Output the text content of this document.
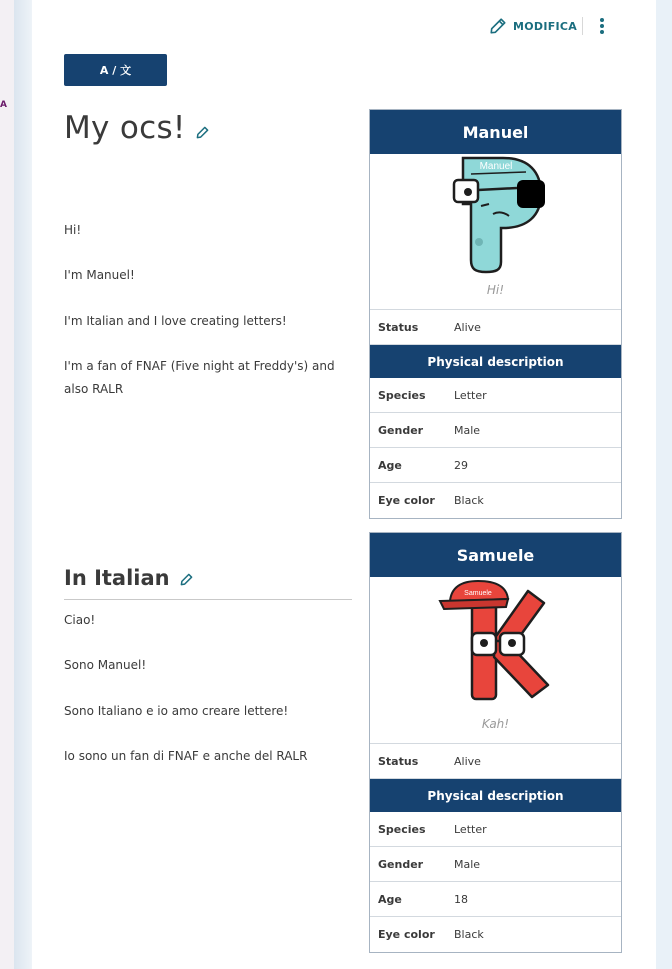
A
MODIFICA
A / 文
My ocs!

Hi!

I'm Manuel!

I'm Italian and I love creating letters!

I'm a fan of FNAF (Five night at Freddy's) and also RALR

In Italian

Ciao!

Sono Manuel!

Sono Italiano e io amo creare lettere!

Io sono un fan di FNAF e anche del RALR

Manuel
Manuel
Hi!
Status	Alive
Physical description
Species	Letter
Gender	Male
Age	29
Eye color	Black
Samuele
Samuele
Kah!
Status	Alive
Physical description
Species	Letter
Gender	Male
Age	18
Eye color	Black
